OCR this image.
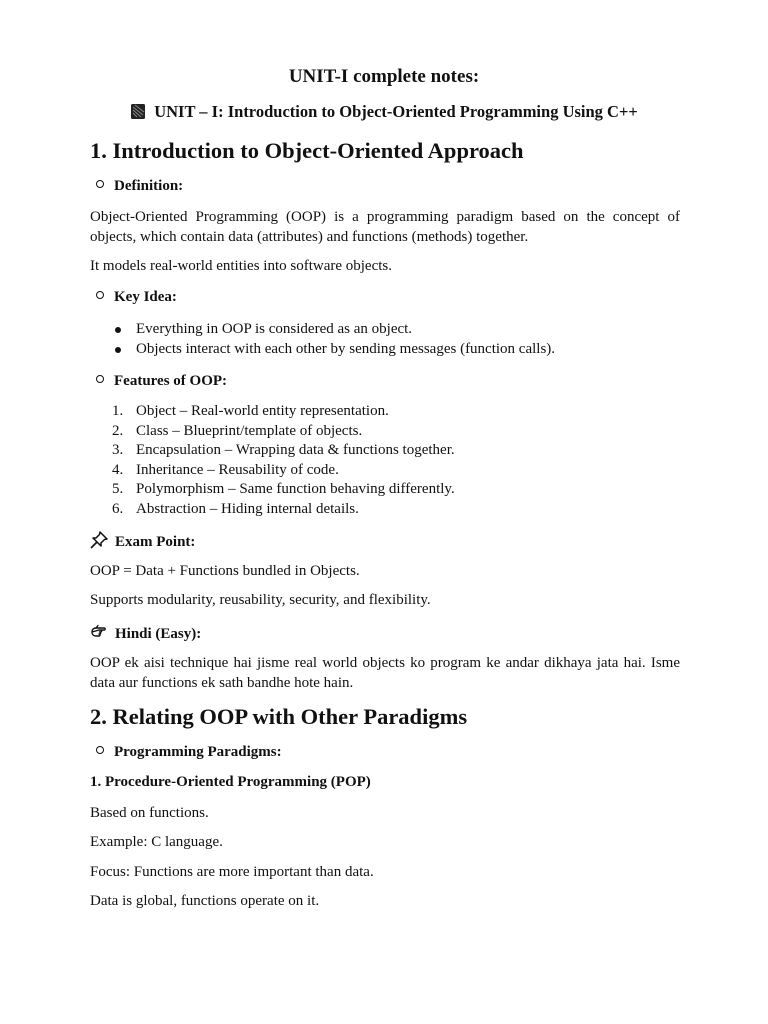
UNIT-I complete notes:
UNIT – I: Introduction to Object-Oriented Programming Using C++
1. Introduction to Object-Oriented Approach
Definition:

Object-Oriented Programming (OOP) is a programming paradigm based on the concept of objects, which contain data (attributes) and functions (methods) together.

It models real-world entities into software objects.

Key Idea:
Everything in OOP is considered as an object.
Objects interact with each other by sending messages (function calls).
Features of OOP:
1. Object – Real-world entity representation.
2. Class – Blueprint/template of objects.
3. Encapsulation – Wrapping data & functions together.
4. Inheritance – Reusability of code.
5. Polymorphism – Same function behaving differently.
6. Abstraction – Hiding internal details.
Exam Point:

OOP = Data + Functions bundled in Objects.

Supports modularity, reusability, security, and flexibility.

Hindi (Easy):

OOP ek aisi technique hai jisme real world objects ko program ke andar dikhaya jata hai. Isme data aur functions ek sath bandhe hote hain.

2. Relating OOP with Other Paradigms
Programming Paradigms:
1. Procedure-Oriented Programming (POP)

Based on functions.

Example: C language.

Focus: Functions are more important than data.

Data is global, functions operate on it.
